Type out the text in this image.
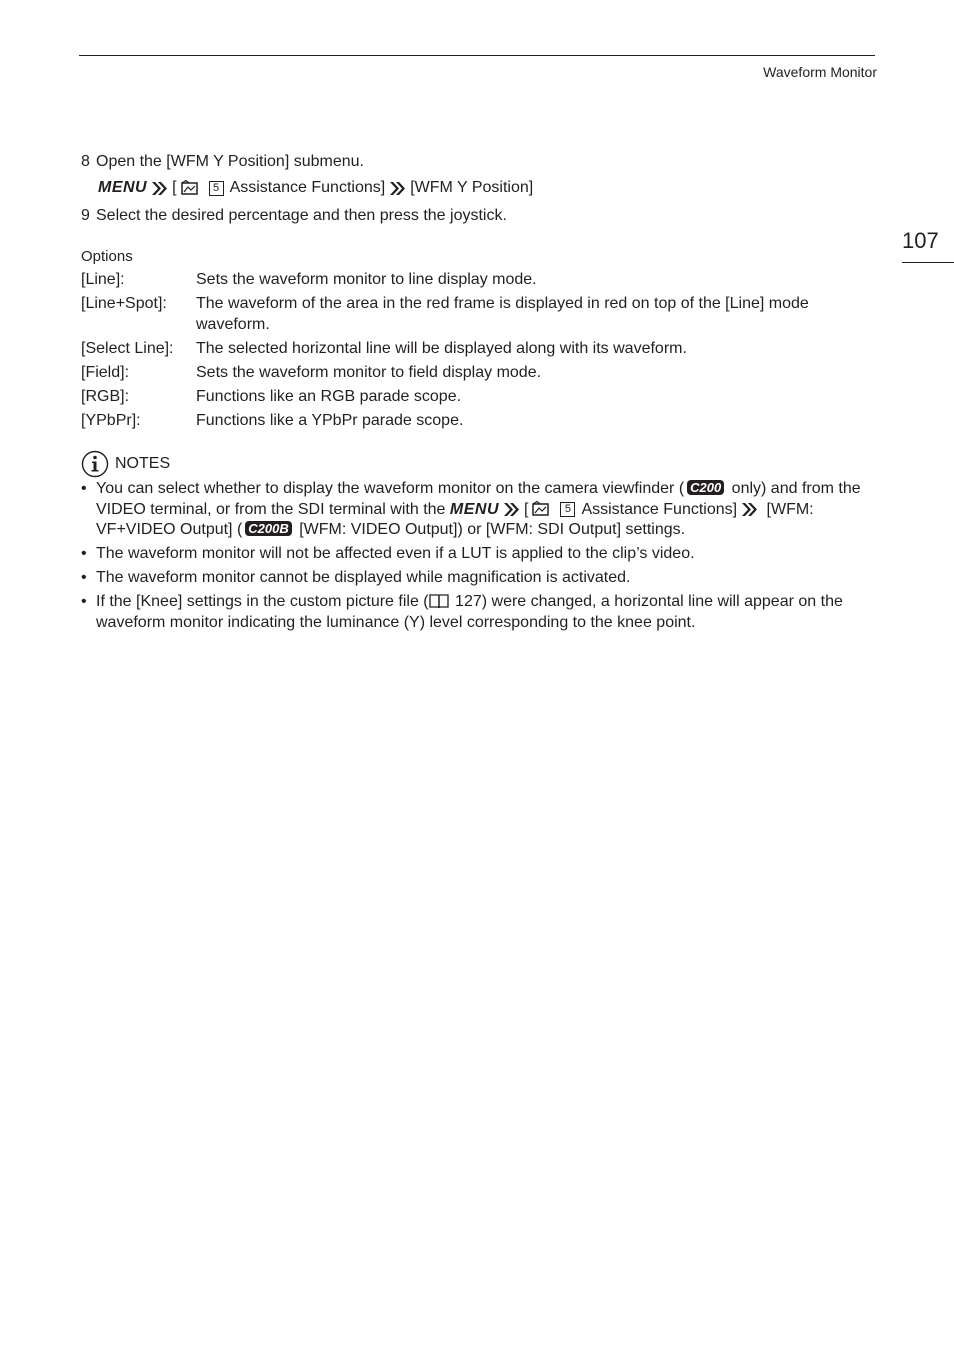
Waveform Monitor
107
8 Open the [WFM Y Position] submenu.
MENU [	5 Assistance Functions] [WFM Y Position]
9 Select the desired percentage and then press the joystick.
Options
[Line]:	Sets the waveform monitor to line display mode.
[Line+Spot]: The waveform of the area in the red frame is displayed in red on top of the [Line] mode waveform.
[Select Line]: The selected horizontal line will be displayed along with its waveform.
[Field]:	Sets the waveform monitor to field display mode.
[RGB]:	Functions like an RGB parade scope.
[YPbPr]:	Functions like a YPbPr parade scope.
NOTES
• You can select whether to display the waveform monitor on the camera viewfinder ( C200 only) and from the VIDEO terminal, or from the SDI terminal with the MENU [	5 Assistance Functions] [WFM: VF+VIDEO Output] ( C200B [WFM: VIDEO Output]) or [WFM: SDI Output] settings.
• The waveform monitor will not be affected even if a LUT is applied to the clip’s video.
• The waveform monitor cannot be displayed while magnification is activated.
• If the [Knee] settings in the custom picture file ( 127) were changed, a horizontal line will appear on the waveform monitor indicating the luminance (Y) level corresponding to the knee point.
